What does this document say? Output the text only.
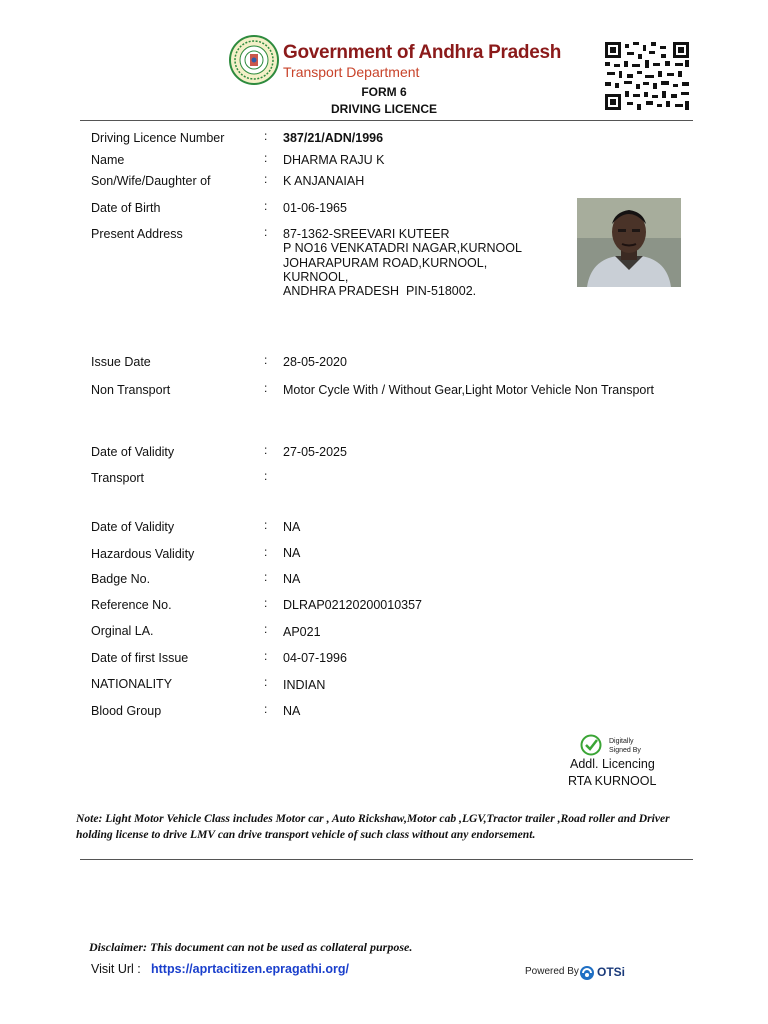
Government of Andhra Pradesh
Transport Department
FORM 6
DRIVING LICENCE
Driving Licence Number	: 387/21/ADN/1996
Name	: DHARMA RAJU K
Son/Wife/Daughter of	: K ANJANAIAH
Date of Birth	: 01-06-1965
Present Address	: 87-1362-SREEVARI KUTEER
P NO16 VENKATADRI NAGAR,KURNOOL
JOHARAPURAM ROAD,KURNOOL,
KURNOOL,
ANDHRA PRADESH  PIN-518002.
Issue Date	: 28-05-2020
Non Transport	: Motor Cycle With / Without Gear,Light Motor Vehicle Non Transport
Date of Validity	: 27-05-2025
Transport	:
Date of Validity	: NA
Hazardous Validity	: NA
Badge No.	: NA
Reference No.	: DLRAP02120200010357
Orginal LA.	: AP021
Date of first Issue	: 04-07-1996
NATIONALITY	: INDIAN
Blood Group	: NA
Digitally
Signed By
Addl. Licencing
RTA KURNOOL
Note: Light Motor Vehicle Class includes Motor car , Auto Rickshaw,Motor cab ,LGV,Tractor trailer ,Road roller and Driver holding license to drive LMV can drive transport vehicle of such class without any endorsement.
Disclaimer: This document can not be used as collateral purpose.
Visit Url : https://aprtacitizen.epragathi.org/	Powered By OTSi
